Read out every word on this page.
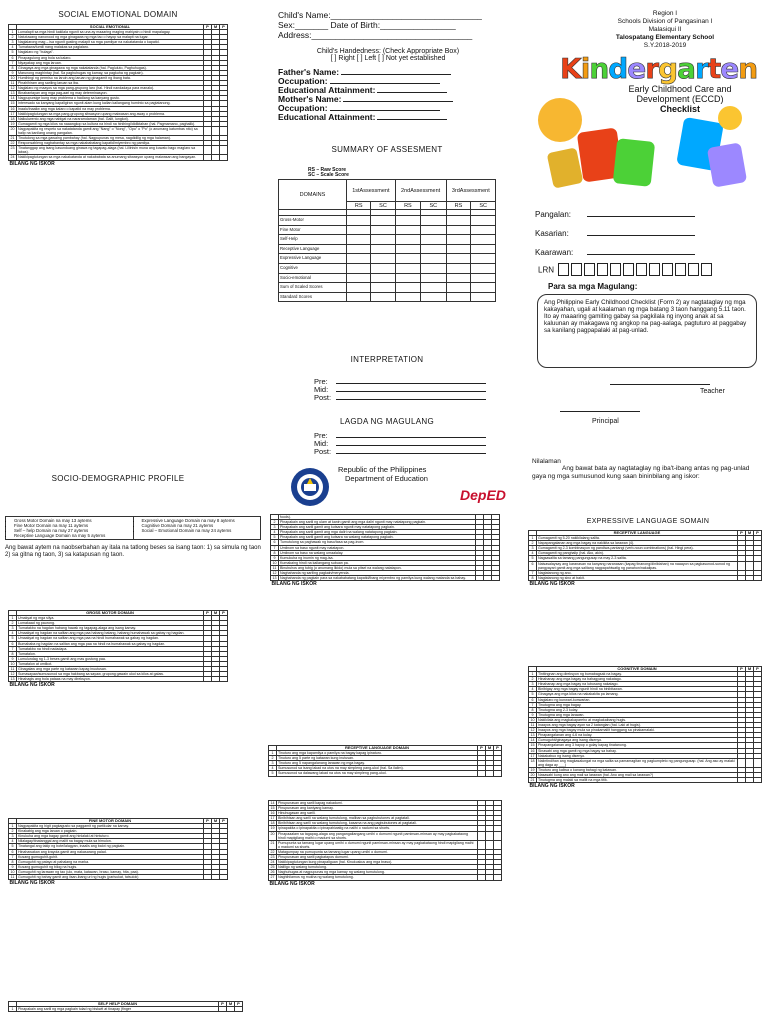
SOCIAL EMOTIONAL DOMAIN
	SOCIAL EMOTIONAL	P	M	P
1	Lumalapit sa mga hindi kakilala ngunit sa una ay maaaring maging mahiyain o hindi mapalagay.			
2	Natutuwang nanonood ng mga ginagawa ng mga tao o hayop sa malapit na lugar.			
3	Naglalarong mag – isa ngunit gusting malapit sa mga pamilyar na nakatatanda o kapatid.			
4	Tumatawa/tumili nang malakas sa paglalaro.			
5	Naglalaro ng "bulaga".			
6	Pinapagulong ang bola sa kalaro.			
7	Niyayakap ang mga laruan.			
8	Ginagaya ang mga ginagawa ng mga nakatatanda (hal. Pagluluto, Paghuhugas).			
9	Marunong maghintay (hal. Sa paghuhugas ng kamay, sa pagkuha ng pagkain).			
10	Humihingi ng permiso na laruin ang laruan ng ginagamit ng ibang bata.			
11	Pinahihiram ang sariling laruan sa iba.			
12	Naglalaro ng maayos sa mga pang-grupong laro (hal. Hindi nandadaya para manalo).			
13	Binabantayan ang mga pag-aari ng may determinasyon.			
14	Nagpupursige kung may problema o hadlang sa kanyang gusto.			
15	Interesado sa kanyang kapaligiran ngunit alam kung kailan kailangang huminto sa pagtatanong.			
16	Inaalo/inaaliw ang mga kalaro o kapatid na may problema.			
17	Nakikipagtulungan sa mga pang-grupong sitwasyon upang maiwasan ang away o problema.			
18	Naikukwento ang mga nabigat na nararamdaman (hal. Galit, lungkot).			
19	Gumagamit ng mga kilos na naaangkop sa kultura na hindi na hinihingi/didiktahan (hal. Pagmamano, paghalik).			
20	Nagpapakita ng respeto sa nakatatanda gamit ang "Nang" o "Nong", "Opo" o "Po" (o anumang katumbas nito) sa halip na kanilang unang pangalan.			
21	Tinutulong sa mga gawaing pambahay (hal. Nagpupunas ng mesa, nagdidilig ng mga halaman).			
22	Responsableng nagbabantay sa mga nakababatang kapatid/miyembro ng pamilya.			
23	Tinatanggap ang isang kasunduang ginawa ng tagapag-alaga (hal. Liliinisin muna ang kuwato bago maglaro sa labas).			
24	Nakikipagtulungan sa mga nakakatanda at nakababata sa anumang sitwasyon upang maiwasan ang bangayan.			
BILANG NG ISKOR				
Child's Name:________________________________
Sex:_______ Date of Birth:________________
Address:__________________________________
Child's Handedness: (Check Appropriate Box)
[ ] Right [ ] Left [ ] Not yet established
Father's Name:
Occupation:
Educational Attainment:
Mother's Name:
Occupation:
Educational Attainment:
SUMMARY OF ASSESMENT
RS – Raw Score
SC – Scale Score
DOMAINS	1stAssessment		2ndAssessment		3rdAssessment	
	RS	SC	RS	SC	RS	SC

Gross-Motor						
Fine Motor						
Self-Help						
Receptive Language						
Expressive Language						
Cognitive						
Socio-emotional						
Sum of Scaled Scores						
Standard Scores						
INTERPRETATION
Pre:
Mid:
Post:
LAGDA NG MAGULANG
Pre:
Mid:
Post:
Republic of the Philippines
Department of Education
DepED
Region I
Schools Division of Pangasinan I
Malasiqui II
Talospatang Elementary School
S.Y.2018-2019
Kindergarten
Early Childhood Care and
Development (ECCD)
Checklist
Pangalan:
Kasarian:
Kaarawan:
LRN
Para sa mga Magulang:
Ang Philippine Early Childhood Checklist (Form 2) ay nagtataglay ng mga kakayahan, ugali at kaalaman ng mga batang 3 taon hanggang 5.11 taon. Ito ay maaaring gamiting gabay sa pagkilala ng inyong anak at sa kaluunan ay makagawa ng angkop na pag-aalaga, pagtuturo at paggabay sa kanilang pagpapalaki at pag-unlad.
Teacher
Principal
Nilalaman
Ang bawat bata ay nagtataglay ng iba't-ibang antas ng pag-unlad gaya ng mga sumusunod kung saan bininbilang ang iskor:
SOCIO-DEMOGRAPHIC PROFILE
• Gross Motor Domain na may 13 aytems
• Fine Motor Domain na may 11 aytems
• Self – help Domain na may 27 aytems
• Receptive Language Domain na may 5 aytems

• Expressive Language Domain na may 8 aytems
• Cognitive Domain na may 21 aytems
• Social – Emotional Domain na may 24 aytems
Ang bawat aytem na naobserbahan ay itala na tatlong beses sa isang taon: 1) sa simula ng taon 2) sa gitna ng taon, 3) sa katapusan ng taon.
	GROSS MOTOR DOMAIN	P	M	P
1	Umakyat ng mga silya.			
2	Lumakaad ng paurong.			
3	Tumatakbo na hagdan habang hawak ng tagapag-alaga ang isang kamay.			
4	Umaakyat ng hagdan na salitan ang mga paa habang batang, habang humahawak sa gabay ng hagdan.			
5	Umaakyat ng hagdan na salitan ang mga paa na hindi humahawak sa gabay ng hagdan.			
6	Bumababa ng hagdan na salitan ang mga paa na hindi na humahawak sa gabay ng hagdan.			
7	Tumatakbo na hindi nadadapa.			
8	Tumatalon.			
9	Lumulundag ng 1-3 beses gamit ang mas gustong paa.			
10	Tumatalon at umiikot.			
11	Ginagalaw ang mga parte ng katawan kapag inuutusan.			
12	Sumasayaw/sumusunod sa mga hakbang sa sayaw, grupong gawain ukol sa kilos at galaw.			
13	Hinahagis ang bola pataas na may direksyon.			
BILANG NG ISKOR				
	FINE MOTOR DOMAIN	P	M	P
1	Nagpapakita ng higit pagkagusto sa paggamit ng partikular na kamay.			
2	Kinakabig ang mga laruan o pagkain.			
3	Kinukuha ang mga bagay gamit ang hinlalaki at hintuturo.			
4	Nilalagay/tinatanggal ang maliit na bagay mula sa himulon.			
5	Tinatangal ang takip ng bote/lalagyan, inaalis ang balot ng pagkain.			
6	Hinahawakan ang krayola gamit ang nakasarang palad.			
7	Kusang gumuguhit-guhit.			
8	Gumuguhit ng patayo at pahalang na marka.			
9	Kusang gumuguhit ng bilog na hugis.			
10	Gumuguhit ng larawan ng tao (ulo, mata, katawan, braso, kamay, hita, paa).			
11	Gumuguhit ng bahay gamit ang iisan-ibang uri ng hugis (parisukat, tatsulok)			
BILANG NG ISKOR				
	SELF HELP DOMAIN	P	M	P
1	Pinapakain ang sarili ng mga pagkain tulad ng biskwit at tinapay (finger			
	foods).			
2	Pinapakain ang sarili ng ulam at kanin gamit ang mga daliri ngunit may natatapong pagkain.			
3	Pinapakain ang sarili gamit ang kutsara ngunit may natatapong pagkain.			
4	Pinapakain ang sarili gamit ang mga daliri na walang natatapong pagkain.			
5	Pinapakain ang sarili gamit ang kutsara na walang natatapong pagkain.			
6	Tumutulong sa paghawak ng baso/tasa sa pag-inom.			
7	Umiinom sa baso ngunit may natatapon.			
8	Umiinom sa baso na walang umaalalay.			
9	Kumukuha ng inumin ng mag-isa.			
10	Kumakaing hindi na kailangang subuan pa.			
11	Binubuhos ang tubig (o anumang likido) mula sa pitsel na walang natatapon.			
12	Naghahanda ng sariling pagkain/meryenda.			
13	Naghahanda ng pagkain para sa nakababatang kapatid/ibang miyembro ng pamilya kung walang matanda sa bahay.			
BILANG NG ISKOR				
	RECEPTIVE LANGUAGE DOMAIN	P	M	P
1	Tinuturo ang mga kapamilya o pamilya na bagay kapag ipinaturo.			
2	Tinuturo ang 5 parte ng katawan kung inutusan.			
3	Tinuturo ang 5 napangalanang larawan ng mga bagay.			
4	Sumusunod sa isang lakad na utos na may simpleng pang-ukol (hal. Sa ilalim).			
5	Sumusunod sa dalawang lakad na utos na may simpleng pang-ukol.			
14	Pinupunasan ang sarili kapag nakadumi.			
15	Pinupunasan ang kaniyang kamay.			
16	Hinuhugasan ang sarili.			
17	Binibihisan ang sarili na walang tumutulong, maliban sa pagbubutones at pagtatali.			
18	Binibihisan ang sarili na walang tumutulong, kasama na ang pagbubutones at pagtatali.			
19	Ipinapakita o ipinapakita o ipinapahiwatig na naiihi o nadumi sa shorts.			
20	Pinapaaalam sa tagapag-alaga ang pangangailangang umihi o dumumi ngunit paminsan-minsan ay may pagkakataong hindi mapigilang maihi o madumi sa shorts.			
21	Pumupunta sa tamang lugar upang umihi o dumumi ngunit paminsan-minsan ay may pagkakataong hindi mapigilang maihi o madumi sa shorts.			
22	Matagumpay na pumupunta sa tamang lugar upang umihi o dumumi.			
23	Pinupunasan ang sarili pagkatapos dumumi.			
24	Nakikipagtulungan kung pinapaliguan (hal. Kinukuskus ang mga braso).			
25	Naliligo ng walang tumutulong.			
26	Naghuhugas at nagpupunas ng mga kamay ng walang tumutulong.			
27	Naghihilamos ng mukha ng walang tumutulong.			
BILANG NG ISKOR				
EXPRESSIVE LANGUAGE SOMAIN
	RECEPTIVE LANGUAGE	P	M	P
1	Gumagamit ng 5-20 nakikilalang salita.			
2	Napapangalanan ang mga bagay na nakikita sa larawan (4).			
3	Gumagamit ng 2-3 kombinasyon ng pandiwa-pantangi (verb-noun combinations) (hal. Hingi pera).			
4	Gumagamit ng panghalip (hal. Ako, akin).			
5	Nagsasalita sa tamang pangungusap na may 2-3 salita.			
6	Naisasalaysay ang karanasan na kanyang naranasan (kapag tinanong/diniktahan) na naaayon sa pagkasunod-sunod ng pangyayari gamit ang mga salitang nagpapahiwatig ng panahon/nakalipas.			
7	Nagtatanong ng ano.			
8	Nagtatanong ng sino at bakit.			
BILANG NG ISKOR				
	COGNITIVE DOMAIN	P	M	P
1	Tinitingnan ang direksyon ng bumabagsak na bagay.			
2	Hinahanap ang mga bagay na bahagyang nakatago.			
3	Hinahanap ang mga bagay na lubusang nakatago.			
4	Binibigay ang mga bagay ngunit hindi na binibitawan.			
5	Ginagaya ang mga kilos na nakakakita pa lamang.			
6	Naglalaro ng kunwari-kunwarian.			
7	Tinutugma ang mga bagay.			
8	Tinutugma ang 2-3 kulay.			
9	Tinutugma ang mga larawan.			
10	Nakikilala ang magkakapareho at magkakaibang hugis.			
11	Inaayos ang mga bagay ayon sa 2 katangian (hal. Laki at hugis).			
12	Inaayos ang mga bagay mula sa pinakamaliit hanggang sa pinakamalaki.			
13	Pinapangalanan ang 4-6 na kulay.			
14	Gumuguhit/ginagaya ang isang disenyo.			
15	Pinapangalanan ang 3 hayop o gulay kapag tinatanong.			
16	Sinasabi ang mga gamit ng mga bagay sa bahay.			
17	Nakakabuo ng isang disenyo.			
18	Naiintindihan ang magkasalungat na mga salita sa pamamagitan ng pagkumpleto ng pangungusap. (hal. Ang aso ay malaki ang daga ay ___)			
19	Tinuturo ang kaliwa o kanang bahagi ng katawan.			
20	Nasasabi kung ano ang mali sa larawan (hal. Ano ang mali sa larawan?)			
21	Tinutugma ang malaki sa maliit na mga titik.			
BILANG NG ISKOR				
